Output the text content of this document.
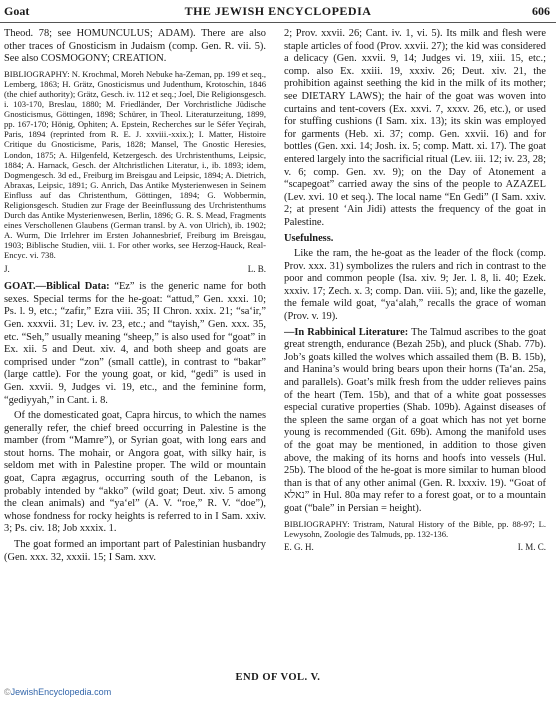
Goat	THE JEWISH ENCYCLOPEDIA	606

Theod. 78; see HOMUNCULUS; ADAM). There are also other traces of Gnosticism in Judaism (comp. Gen. R. vii. 5). See also COSMOGONY; CREATION.

BIBLIOGRAPHY: N. Krochmal, Moreh Nebuke ha-Zeman, pp. 199 et seq., Lemberg, 1863; H. Grätz, Gnosticismus und Judenthum, Krotoschin, 1846 (the chief authority); Grätz, Gesch. iv. 112 et seq.; Joel, Die Religionsgesch. i. 103-170, Breslau, 1880; M. Friedländer, Der Vorchristliche Jüdische Gnosticismus, Göttingen, 1898; Schürer, in Theol. Literaturzeitung, 1899, pp. 167-170; Hönig, Ophiten; A. Epstein, Recherches sur le Séfer Yeçirah, Paris, 1894 (reprinted from R. E. J. xxviii.-xxix.); I. Matter, Histoire Critique du Gnosticisme, Paris, 1828; Mansel, The Gnostic Heresies, London, 1875; A. Hilgenfeld, Ketzergesch. des Urchristenthums, Leipsic, 1884; A. Harnack, Gesch. der Altchristlichen Literatur, i., ib. 1893; idem, Dogmengesch. 3d ed., Freiburg im Breisgau and Leipsic, 1894; A. Dietrich, Abraxas, Leipsic, 1891; G. Anrich, Das Antike Mysterienwesen in Seinem Einfluss auf das Christenthum, Göttingen, 1894; G. Wobbermin, Religionsgesch. Studien zur Frage der Beeinflussung des Urchristenthums Durch das Antike Mysterienwesen, Berlin, 1896; G. R. S. Mead, Fragments eines Verschollenen Glaubens (German transl. by A. von Ulrich), ib. 1902; A. Wurm, Die Irrlehrer im Ersten Johannesbrief, Freiburg im Breisgau, 1903; Biblische Studien, viii. 1. For other works, see Herzog-Hauck, Real-Encyc. vi. 738.

J.	L. B.

GOAT.—Biblical Data: “Ez” is the generic name for both sexes. Special terms for the he-goat: “attud,” Gen. xxxi. 10; Ps. l. 9, etc.; “zafir,” Ezra viii. 35; II Chron. xxix. 21; “sa‘ir,” Gen. xxxvii. 31; Lev. iv. 23, etc.; and “tayish,” Gen. xxx. 35, etc. “Seh,” usually meaning “sheep,” is also used for “goat” in Ex. xii. 5 and Deut. xiv. 4, and both sheep and goats are comprised under “zon” (small cattle), in contrast to “bakar” (large cattle). For the young goat, or kid, “gedi” is used in Gen. xxvii. 9, Judges vi. 19, etc., and the feminine form, “gediyyah,” in Cant. i. 8.

Of the domesticated goat, Capra hircus, to which the names generally refer, the chief breed occurring in Palestine is the mamber (from “Mamre”), or Syrian goat, with long ears and stout horns. The mohair, or Angora goat, with silky hair, is seldom met with in Palestine proper. The wild or mountain goat, Capra ægagrus, occurring south of the Lebanon, is probably intended by “akko” (wild goat; Deut. xiv. 5 among the clean animals) and “ya‘el” (A. V. “roe,” R. V. “doe”), whose fondness for rocky heights is referred to in I Sam. xxiv. 3; Ps. civ. 18; Job xxxix. 1.

The goat formed an important part of Palestinian husbandry (Gen. xxx. 32, xxxii. 15; I Sam. xxv.

2; Prov. xxvii. 26; Cant. iv. 1, vi. 5). Its milk and flesh were staple articles of food (Prov. xxvii. 27); the kid was considered a delicacy (Gen. xxvii. 9, 14; Judges vi. 19, xiii. 15, etc.; comp. also Ex. xxiii. 19, xxxiv. 26; Deut. xiv. 21, the prohibition against seething the kid in the milk of its mother; see DIETARY LAWS); the hair of the goat was woven into curtains and tent-covers (Ex. xxvi. 7, xxxv. 26, etc.), or used for stuffing cushions (I Sam. xix. 13); its skin was employed for garments (Heb. xi. 37; comp. Gen. xxvii. 16) and for bottles (Gen. xxi. 14; Josh. ix. 5; comp. Matt. xi. 17). The goat entered largely into the sacrificial ritual (Lev. iii. 12; iv. 23, 28; v. 6; comp. Gen. xv. 9); on the Day of Atonement a “scapegoat” carried away the sins of the people to AZAZEL (Lev. xvi. 10 et seq.). The local name “En Gedi” (I Sam. xxiv. 2; at present ‘Ain Jidi) attests the frequency of the goat in Palestine.

Usefulness.

Like the ram, the he-goat as the leader of the flock (comp. Prov. xxx. 31) symbolizes the rulers and rich in contrast to the poor and common people (Isa. xiv. 9; Jer. l. 8, li. 40; Ezek. xxxiv. 17; Zech. x. 3; comp. Dan. viii. 5); and, like the gazelle, the female wild goat, “ya‘alah,” recalls the grace of woman (Prov. v. 19).

—In Rabbinical Literature: The Talmud ascribes to the goat great strength, endurance (Bezah 25b), and pluck (Shab. 77b). Job’s goats killed the wolves which assailed them (B. B. 15b), and Hanina’s would bring bears upon their horns (Ta‘an. 25a, and parallels). Goat’s milk fresh from the udder relieves pains of the heart (Tem. 15b), and that of a white goat possesses especial curative properties (Shab. 109b). Against diseases of the spleen the same organ of a goat which has not yet borne young is recommended (Git. 69b). Among the manifold uses of the goat may be mentioned, in addition to those given above, the making of its horns and hoofs into vessels (Hul. 25b). The blood of the he-goat is more similar to human blood than is that of any other animal (Gen. R. lxxxiv. 19). “Goat of נאלא” in Hul. 80a may refer to a forest goat, or to a mountain goat (“bale” in Persian = height).

BIBLIOGRAPHY: Tristram, Natural History of the Bible, pp. 88-97; L. Lewysohn, Zoologie des Talmuds, pp. 132-136.

E. G. H.	I. M. C.
END OF VOL. V.
©JewishEncyclopedia.com
